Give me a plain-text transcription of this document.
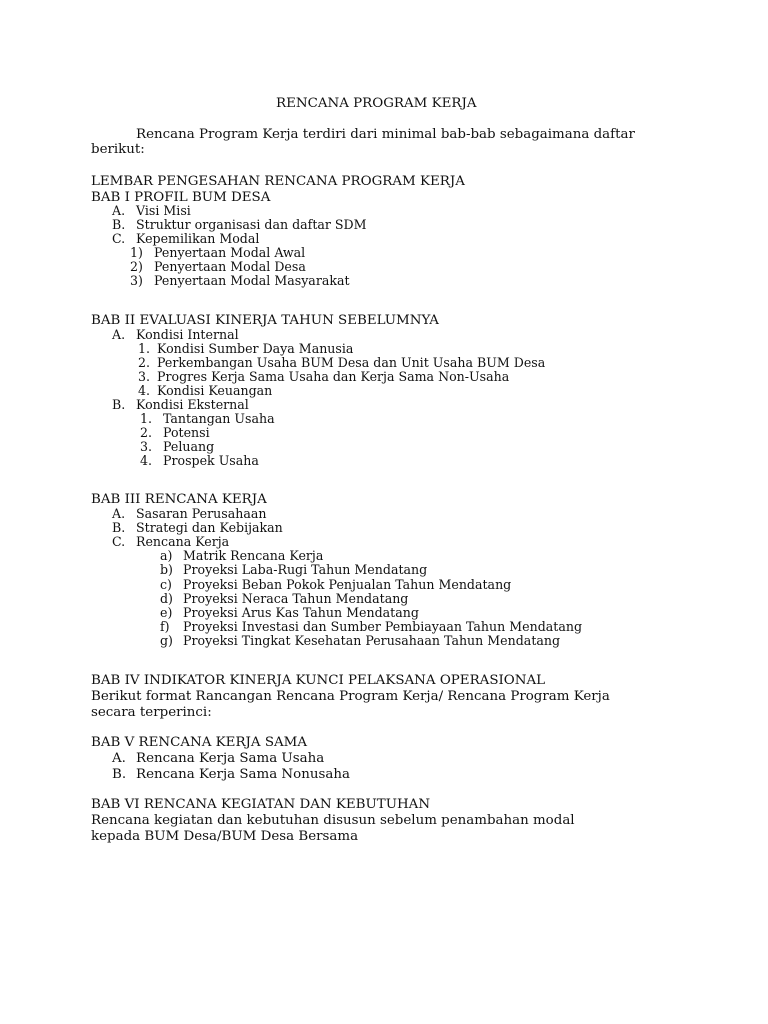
RENCANA PROGRAM KERJA
Rencana Program Kerja terdiri dari minimal bab-bab sebagaimana daftar
berikut:
LEMBAR PENGESAHAN RENCANA PROGRAM KERJA
BAB I PROFIL BUM DESA
A. Visi Misi
B. Struktur organisasi dan daftar SDM
C. Kepemilikan Modal
1) Penyertaan Modal Awal
2) Penyertaan Modal Desa
3) Penyertaan Modal Masyarakat
BAB II EVALUASI KINERJA TAHUN SEBELUMNYA
A. Kondisi Internal
1. Kondisi Sumber Daya Manusia
2. Perkembangan Usaha BUM Desa dan Unit Usaha BUM Desa
3. Progres Kerja Sama Usaha dan Kerja Sama Non-Usaha
4. Kondisi Keuangan
B. Kondisi Eksternal
1. Tantangan Usaha
2. Potensi
3. Peluang
4. Prospek Usaha
BAB III RENCANA KERJA
A. Sasaran Perusahaan
B. Strategi dan Kebijakan
C. Rencana Kerja
a) Matrik Rencana Kerja
b) Proyeksi Laba-Rugi Tahun Mendatang
c) Proyeksi Beban Pokok Penjualan Tahun Mendatang
d) Proyeksi Neraca Tahun Mendatang
e) Proyeksi Arus Kas Tahun Mendatang
f) Proyeksi Investasi dan Sumber Pembiayaan Tahun Mendatang
g) Proyeksi Tingkat Kesehatan Perusahaan Tahun Mendatang
BAB IV INDIKATOR KINERJA KUNCI PELAKSANA OPERASIONAL
Berikut format Rancangan Rencana Program Kerja/ Rencana Program Kerja
secara terperinci:
BAB V RENCANA KERJA SAMA
A. Rencana Kerja Sama Usaha
B. Rencana Kerja Sama Nonusaha
BAB VI RENCANA KEGIATAN DAN KEBUTUHAN
Rencana kegiatan dan kebutuhan disusun sebelum penambahan modal
kepada BUM Desa/BUM Desa Bersama
